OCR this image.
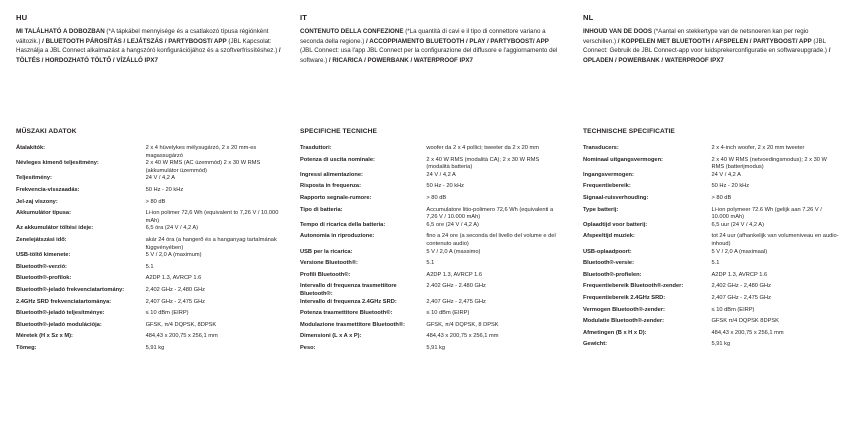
HU
MI TALÁLHATÓ A DOBOZBAN (*A tápkábel mennyisége és a csatlakozó típusa régiónként változik.) / BLUETOOTH PÁROSÍTÁS / LEJÁTSZÁS / PARTYBOOST/ APP (JBL Kapcsolat: Használja a JBL Connect alkalmazást a hangszóró konfigurációjához és a szoftverfrissítéshez.) / TÖLTÉS / HORDOZHATÓ TÖLTŐ / VÍZÁLLÓ IPX7
MŰSZAKI ADATOK
Átalakítók:	2 x 4 hüvelykes mélysugárzó, 2 x 20 mm-es magassugárzó
Névleges kimenő teljesítmény:	2 x 40 W RMS (AC üzemmód) 2 x 30 W RMS (akkumulátor üzemmód)
Teljesítmény:	24 V / 4,2 A
Frekvencia-visszaadás:	50 Hz - 20 kHz
Jel-zaj viszony:	> 80 dB
Akkumulátor típusa:	Li-ion polimer 72,6 Wh (equivalent to 7,26 V / 10.000 mAh)
Az akkumulátor töltési ideje:	6,5 óra (24 V / 4,2 A)
Zenelejátszási idő:	akár 24 óra (a hangerő és a hanganyag tartalmának függvényében)
USB-töltő kimenete:	5 V / 2,0 A (maximum)
Bluetooth®-verzió:	5.1
Bluetooth®-profilok:	A2DP 1.3, AVRCP 1.6
Bluetooth®-jeladó frekvenciatartomány:	2,402 GHz - 2,480 GHz
2.4GHz SRD frekvenciatartománya:	2,407 GHz - 2,475 GHz
Bluetooth®-jeladó teljesítménye:	≤ 10 dBm (EIRP)
Bluetooth®-jeladó modulációja:	GFSK, π/4 DQPSK, 8DPSK
Méretek (H x Sz x M):	484,43 x 200,75 x 256,1 mm
Tömeg:	5,91 kg
IT
CONTENUTO DELLA CONFEZIONE (*La quantità di cavi e il tipo di connettore variano a seconda della regione.) / ACCOPPIAMENTO BLUETOOTH / PLAY / PARTYBOOST/ APP (JBL Connect: usa l'app JBL Connect per la configurazione del diffusore e l'aggiornamento del software.) / RICARICA / POWERBANK / WATERPROOF IPX7
SPECIFICHE TECNICHE
Trasduttori:	woofer da 2 x 4 pollici; tweeter da 2 x 20 mm
Potenza di uscita nominale:	2 x 40 W RMS (modalità CA); 2 x 30 W RMS (modalità batteria)
Ingressi alimentazione:	24 V / 4,2 A
Risposta in frequenza:	50 Hz - 20 kHz
Rapporto segnale-rumore:	> 80 dB
Tipo di batteria:	Accumulatore litio-polimero 72,6 Wh (equivalenti a 7,26 V / 10.000 mAh)
Tempo di ricarica della batteria:	6,5 ore (24 V / 4,2 A)
Autonomia in riproduzione:	fino a 24 ore (a seconda del livello del volume e del contenuto audio)
USB per la ricarica:	5 V / 2,0 A (massimo)
Versione Bluetooth®:	5.1
Profili Bluetooth®:	A2DP 1.3, AVRCP 1.6
Intervallo di frequenza trasmettitore Bluetooth®:	2.402 GHz - 2.480 GHz
Intervallo di frequenza 2.4GHz SRD:	2,407 GHz - 2,475 GHz
Potenza trasmettitore Bluetooth®:	≤ 10 dBm (EIRP)
Modulazione trasmettitore Bluetooth®:	GFSK, π/4 DQPSK, 8 DPSK
Dimensioni (L x A x P):	484,43 x 200,75 x 256,1 mm
Peso:	5,91 kg
NL
INHOUD VAN DE DOOS (*Aantal en stekkertype van de netsnoeren kan per regio verschillen.) / KOPPELEN MET BLUETOOTH / AFSPELEN / PARTYBOOST/ APP (JBL Connect: Gebruik de JBL Connect-app voor luidsprekerconfiguratie en softwareupgrade.) / OPLADEN / POWERBANK / WATERPROOF IPX7
TECHNISCHE SPECIFICATIE
Transducers:	2 x 4-inch woofer, 2 x 20 mm tweeter
Nominaal uitgangsvermogen:	2 x 40 W RMS (netvoedingsmodus); 2 x 30 W RMS (batterijmodus)
Ingangsvermogen:	24 V / 4,2 A
Frequentiebereik:	50 Hz - 20 kHz
Signaal-ruisverhouding:	> 80 dB
Type batterij:	Li-ion polymeer 72.6 Wh (gelijk aan 7.26 V / 10.000 mAh)
Oplaadtijd voor batterij:	6,5 uur (24 V / 4,2 A)
Afspeeltijd muziek:	tot 24 uur (afhankelijk van volumeniveau en audio-inhoud)
USB-oplaadpoort:	5 V / 2,0 A (maximaal)
Bluetooth®-versie:	5.1
Bluetooth®-profielen:	A2DP 1.3, AVRCP 1.6
Frequentiebereik Bluetooth®-zender:	2,402 GHz - 2,480 GHz
Frequentiebereik 2.4GHz SRD:	2,407 GHz - 2,475 GHz
Vermogen Bluetooth®-zender:	≤ 10 dBm (EIRP)
Modulatie Bluetooth®-zender:	GFSK π/4 DQPSK 8DPSK
Afmetingen (B x H x D):	484,43 x 200,75 x 256,1 mm
Gewicht:	5,91 kg
